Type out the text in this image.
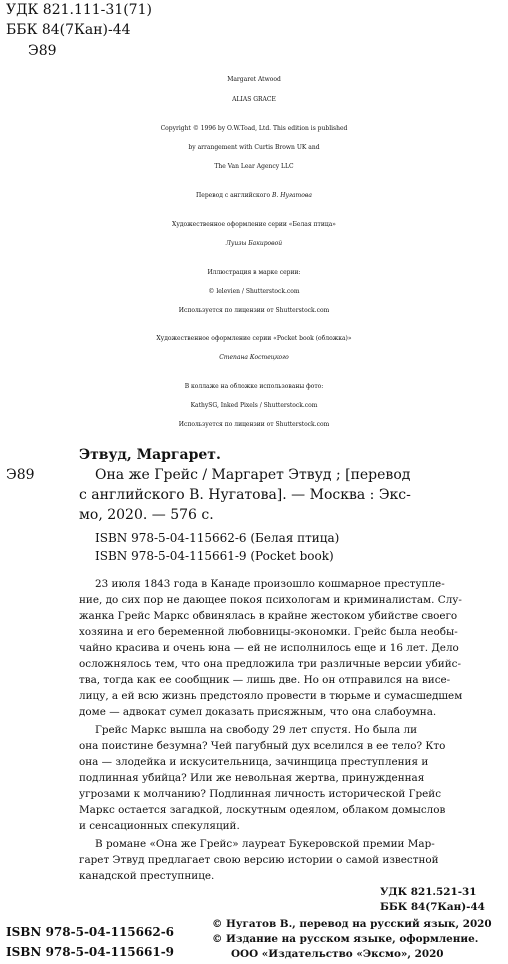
УДК 821.111-31(71)
ББК 84(7Кан)-44
Э89
Margaret Atwood
ALIAS GRACE
Copyright © 1996 by O.W.Toad, Ltd. This edition is published
by arrangement with Curtis Brown UK and
The Van Lear Agency LLC
Перевод с английского В. Нугатова
Художественное оформление серии «Белая птица»
Луизы Бакировой
Иллюстрация в марке серии:
© lelevien / Shutterstock.com
Используется по лицензии от Shutterstock.com
Художественное оформление серии «Pocket book (обложка)»
Степана Костецкого
В коллаже на обложке использованы фото:
KathySG, Inked Pixels / Shutterstock.com
Используется по лицензии от Shutterstock.com
Этвуд, Маргарет.
Э89	Она же Грейс / Маргарет Этвуд ; [перевод
с английского В. Нугатова]. — Москва : Экс-
мо, 2020. — 576 с.
ISBN 978-5-04-115662-6 (Белая птица)
ISBN 978-5-04-115661-9 (Pocket book)
23 июля 1843 года в Канаде произошло кошмарное преступле-
ние, до сих пор не дающее покоя психологам и криминалистам. Слу-
жанка Грейс Маркс обвинялась в крайне жестоком убийстве своего
хозяина и его беременной любовницы-экономки. Грейс была необы-
чайно красива и очень юна — ей не исполнилось еще и 16 лет. Дело
осложнялось тем, что она предложила три различные версии убийс-
тва, тогда как ее сообщник — лишь две. Но он отправился на висе-
лицу, а ей всю жизнь предстояло провести в тюрьме и сумасшедшем
доме — адвокат сумел доказать присяжным, что она слабоумна.
Грейс Маркс вышла на свободу 29 лет спустя. Но была ли
она поистине безумна? Чей пагубный дух вселился в ее тело? Кто
она — злодейка и искусительница, зачинщица преступления и
подлинная убийца? Или же невольная жертва, принужденная
угрозами к молчанию? Подлинная личность исторической Грейс
Маркс остается загадкой, лоскутным одеялом, облаком домыслов
и сенсационных спекуляций.
В романе «Она же Грейс» лауреат Букеровской премии Мар-
гарет Этвуд предлагает свою версию истории о самой известной
канадской преступнице.
УДК 821.521-31
ББК 84(7Кан)-44
ISBN 978-5-04-115662-6
ISBN 978-5-04-115661-9
© Нугатов В., перевод на русский язык, 2020
© Издание на русском языке, оформление.
ООО «Издательство «Эксмо», 2020
